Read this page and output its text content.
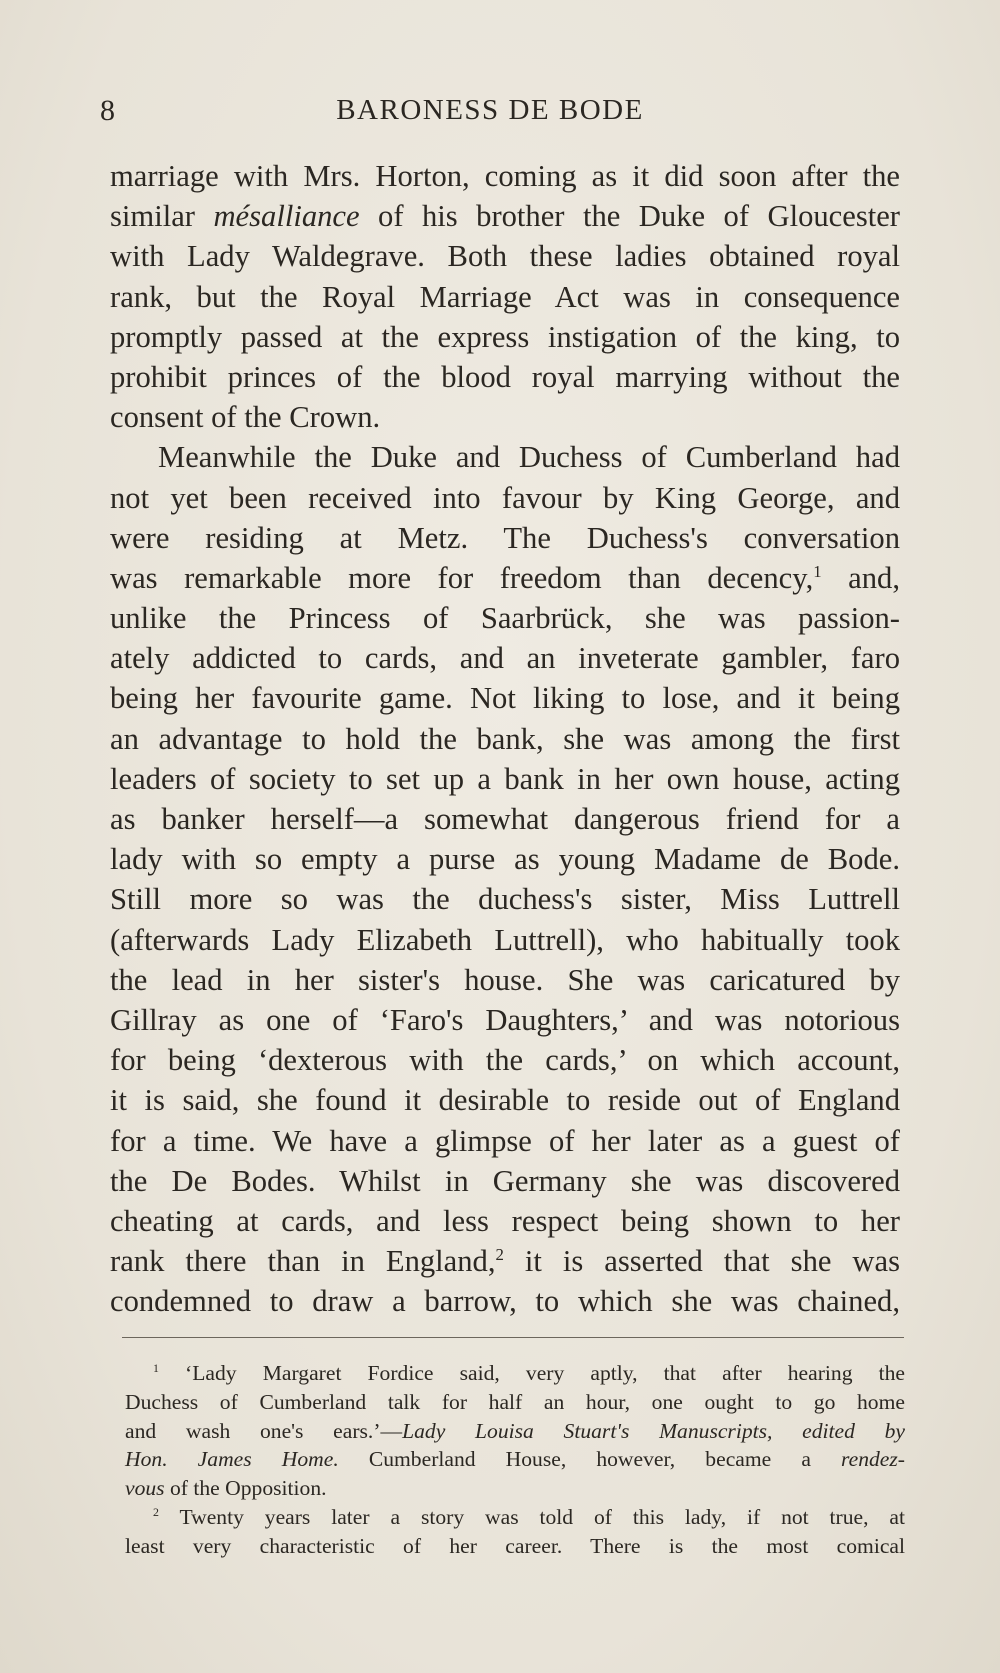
8	BARONESS DE BODE
marriage with Mrs. Horton, coming as it did soon after the
similar mésalliance of his brother the Duke of Gloucester
with Lady Waldegrave. Both these ladies obtained royal
rank, but the Royal Marriage Act was in consequence
promptly passed at the express instigation of the king, to
prohibit princes of the blood royal marrying without the
consent of the Crown.
Meanwhile the Duke and Duchess of Cumberland had
not yet been received into favour by King George, and
were residing at Metz. The Duchess's conversation
was remarkable more for freedom than decency,$^1$ and,
unlike the Princess of Saarbrück, she was passion-
ately addicted to cards, and an inveterate gambler, faro
being her favourite game. Not liking to lose, and it being
an advantage to hold the bank, she was among the first
leaders of society to set up a bank in her own house, acting
as banker herself—a somewhat dangerous friend for a
lady with so empty a purse as young Madame de Bode.
Still more so was the duchess's sister, Miss Luttrell
(afterwards Lady Elizabeth Luttrell), who habitually took
the lead in her sister's house. She was caricatured by
Gillray as one of ‘Faro's Daughters,’ and was notorious
for being ‘dexterous with the cards,’ on which account,
it is said, she found it desirable to reside out of England
for a time. We have a glimpse of her later as a guest of
the De Bodes. Whilst in Germany she was discovered
cheating at cards, and less respect being shown to her
rank there than in England,$^2$ it is asserted that she was
condemned to draw a barrow, to which she was chained,
$^1$ ‘Lady Margaret Fordice said, very aptly, that after hearing the
Duchess of Cumberland talk for half an hour, one ought to go home
and wash one's ears.’—Lady Louisa Stuart's Manuscripts, edited by
Hon. James Home. Cumberland House, however, became a rendez-
vous of the Opposition.
$^2$ Twenty years later a story was told of this lady, if not true, at
least very characteristic of her career. There is the most comical
